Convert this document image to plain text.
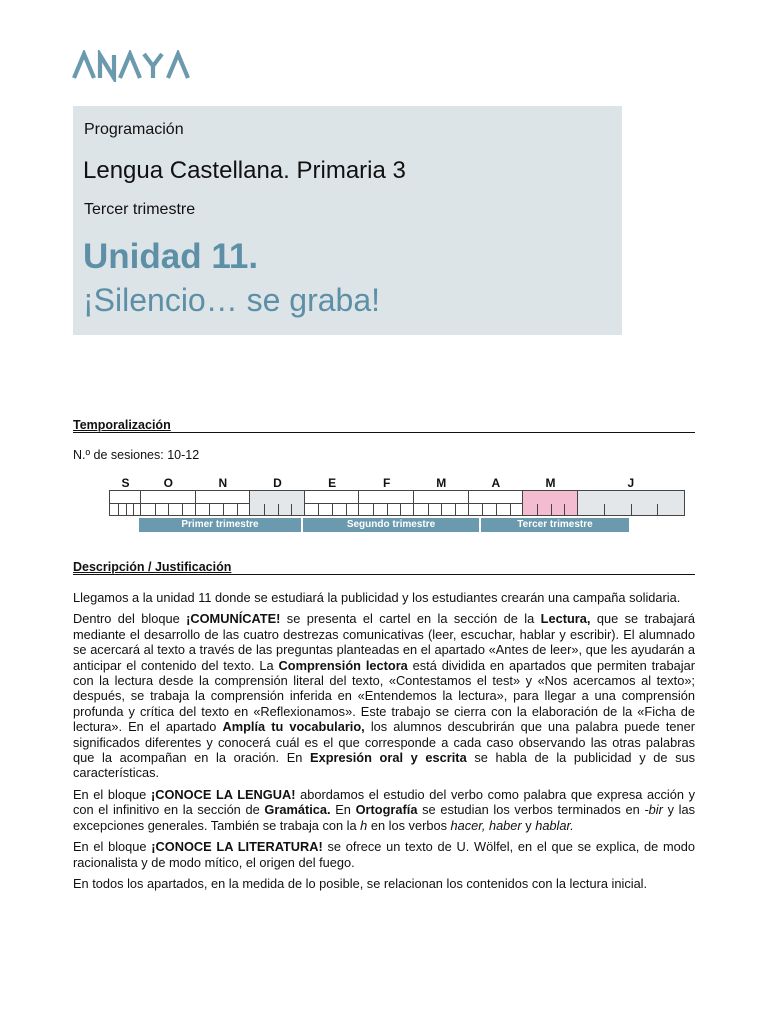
Programación
Lengua Castellana. Primaria 3
Tercer trimestre
Unidad 11.
¡Silencio… se graba!
Temporalización
N.º de sesiones: 10-12
S	O	N	D	E	F	M	A	M	J
Primer trimestre	Segundo trimestre	Tercer trimestre
Descripción / Justificación

Llegamos a la unidad 11 donde se estudiará la publicidad y los estudiantes crearán una campaña solidaria.

Dentro del bloque ¡COMUNÍCATE! se presenta el cartel en la sección de la Lectura, que se trabajará mediante el desarrollo de las cuatro destrezas comunicativas (leer, escuchar, hablar y escribir). El alumnado se acercará al texto a través de las preguntas planteadas en el apartado «Antes de leer», que les ayudarán a anticipar el contenido del texto. La Comprensión lectora está dividida en apartados que permiten trabajar con la lectura desde la comprensión literal del texto, «Contestamos el test» y «Nos acercamos al texto»; después, se trabaja la comprensión inferida en «Entendemos la lectura», para llegar a una comprensión profunda y crítica del texto en «Reflexionamos». Este trabajo se cierra con la elaboración de la «Ficha de lectura». En el apartado Amplía tu vocabulario, los alumnos descubrirán que una palabra puede tener significados diferentes y conocerá cuál es el que corresponde a cada caso observando las otras palabras que la acompañan en la oración. En Expresión oral y escrita se habla de la publicidad y de sus características.

En el bloque ¡CONOCE LA LENGUA! abordamos el estudio del verbo como palabra que expresa acción y con el infinitivo en la sección de Gramática. En Ortografía se estudian los verbos terminados en -bir y las excepciones generales. También se trabaja con la h en los verbos hacer, haber y hablar.

En el bloque ¡CONOCE LA LITERATURA! se ofrece un texto de U. Wölfel, en el que se explica, de modo racionalista y de modo mítico, el origen del fuego.

En todos los apartados, en la medida de lo posible, se relacionan los contenidos con la lectura inicial.
